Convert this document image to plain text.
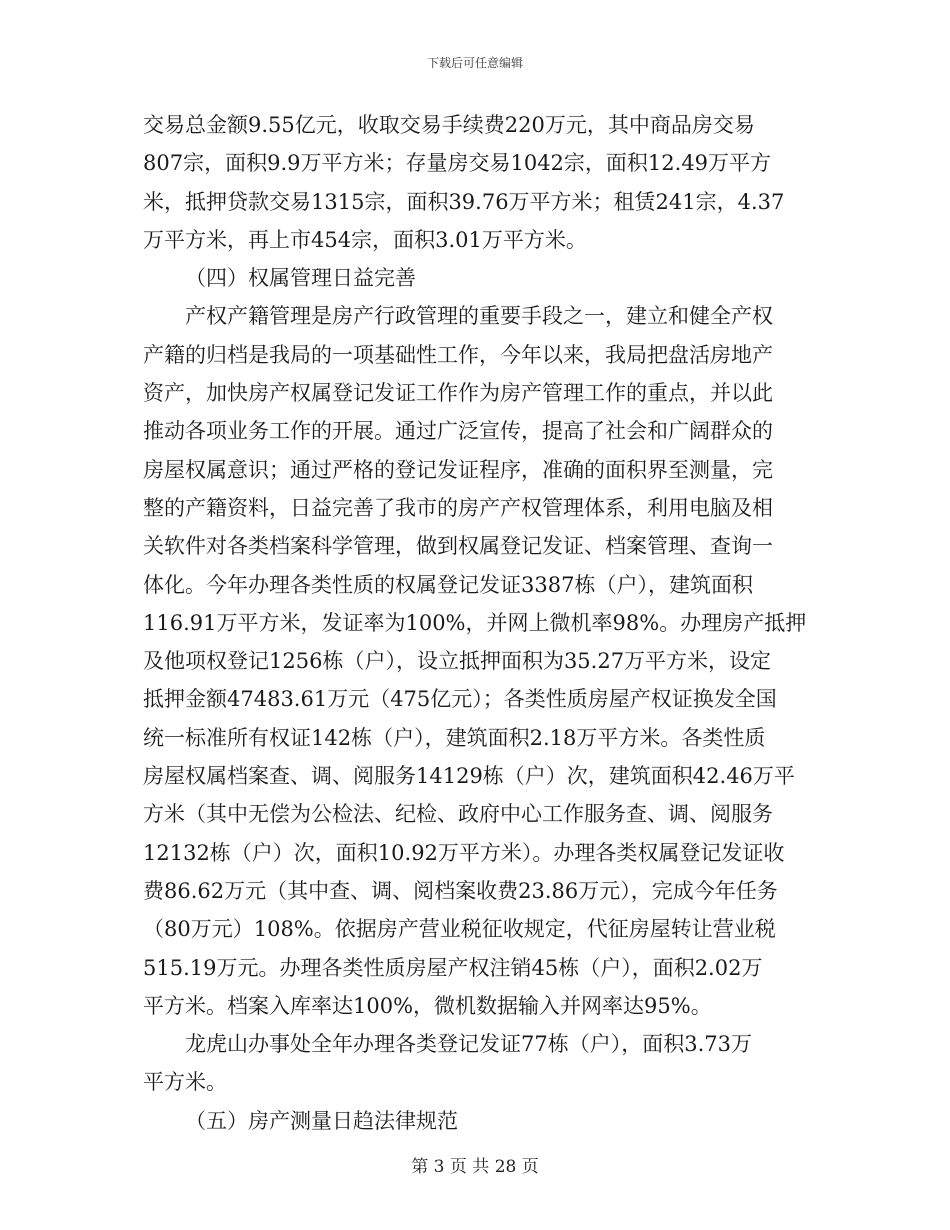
下载后可任意编辑
交易总金额9.55亿元，收取交易手续费220万元，其中商品房交易
807宗，面积9.9万平方米；存量房交易1042宗，面积12.49万平方
米，抵押贷款交易1315宗，面积39.76万平方米；租赁241宗，4.37
万平方米，再上市454宗，面积3.01万平方米。
（四）权属管理日益完善
产权产籍管理是房产行政管理的重要手段之一，建立和健全产权
产籍的归档是我局的一项基础性工作，今年以来，我局把盘活房地产
资产，加快房产权属登记发证工作作为房产管理工作的重点，并以此
推动各项业务工作的开展。通过广泛宣传，提高了社会和广阔群众的
房屋权属意识；通过严格的登记发证程序，准确的面积界至测量，完
整的产籍资料，日益完善了我市的房产产权管理体系，利用电脑及相
关软件对各类档案科学管理，做到权属登记发证、档案管理、查询一
体化。今年办理各类性质的权属登记发证3387栋（户），建筑面积
116.91万平方米，发证率为100%，并网上微机率98%。办理房产抵押
及他项权登记1256栋（户），设立抵押面积为35.27万平方米，设定
抵押金额47483.61万元（475亿元）；各类性质房屋产权证换发全国
统一标准所有权证142栋（户），建筑面积2.18万平方米。各类性质
房屋权属档案查、调、阅服务14129栋（户）次，建筑面积42.46万平
方米（其中无偿为公检法、纪检、政府中心工作服务查、调、阅服务
12132栋（户）次，面积10.92万平方米）。办理各类权属登记发证收
费86.62万元（其中查、调、阅档案收费23.86万元），完成今年任务
（80万元）108%。依据房产营业税征收规定，代征房屋转让营业税
515.19万元。办理各类性质房屋产权注销45栋（户），面积2.02万
平方米。档案入库率达100%，微机数据输入并网率达95%。
龙虎山办事处全年办理各类登记发证77栋（户），面积3.73万
平方米。
（五）房产测量日趋法律规范
第 3 页 共 28 页
